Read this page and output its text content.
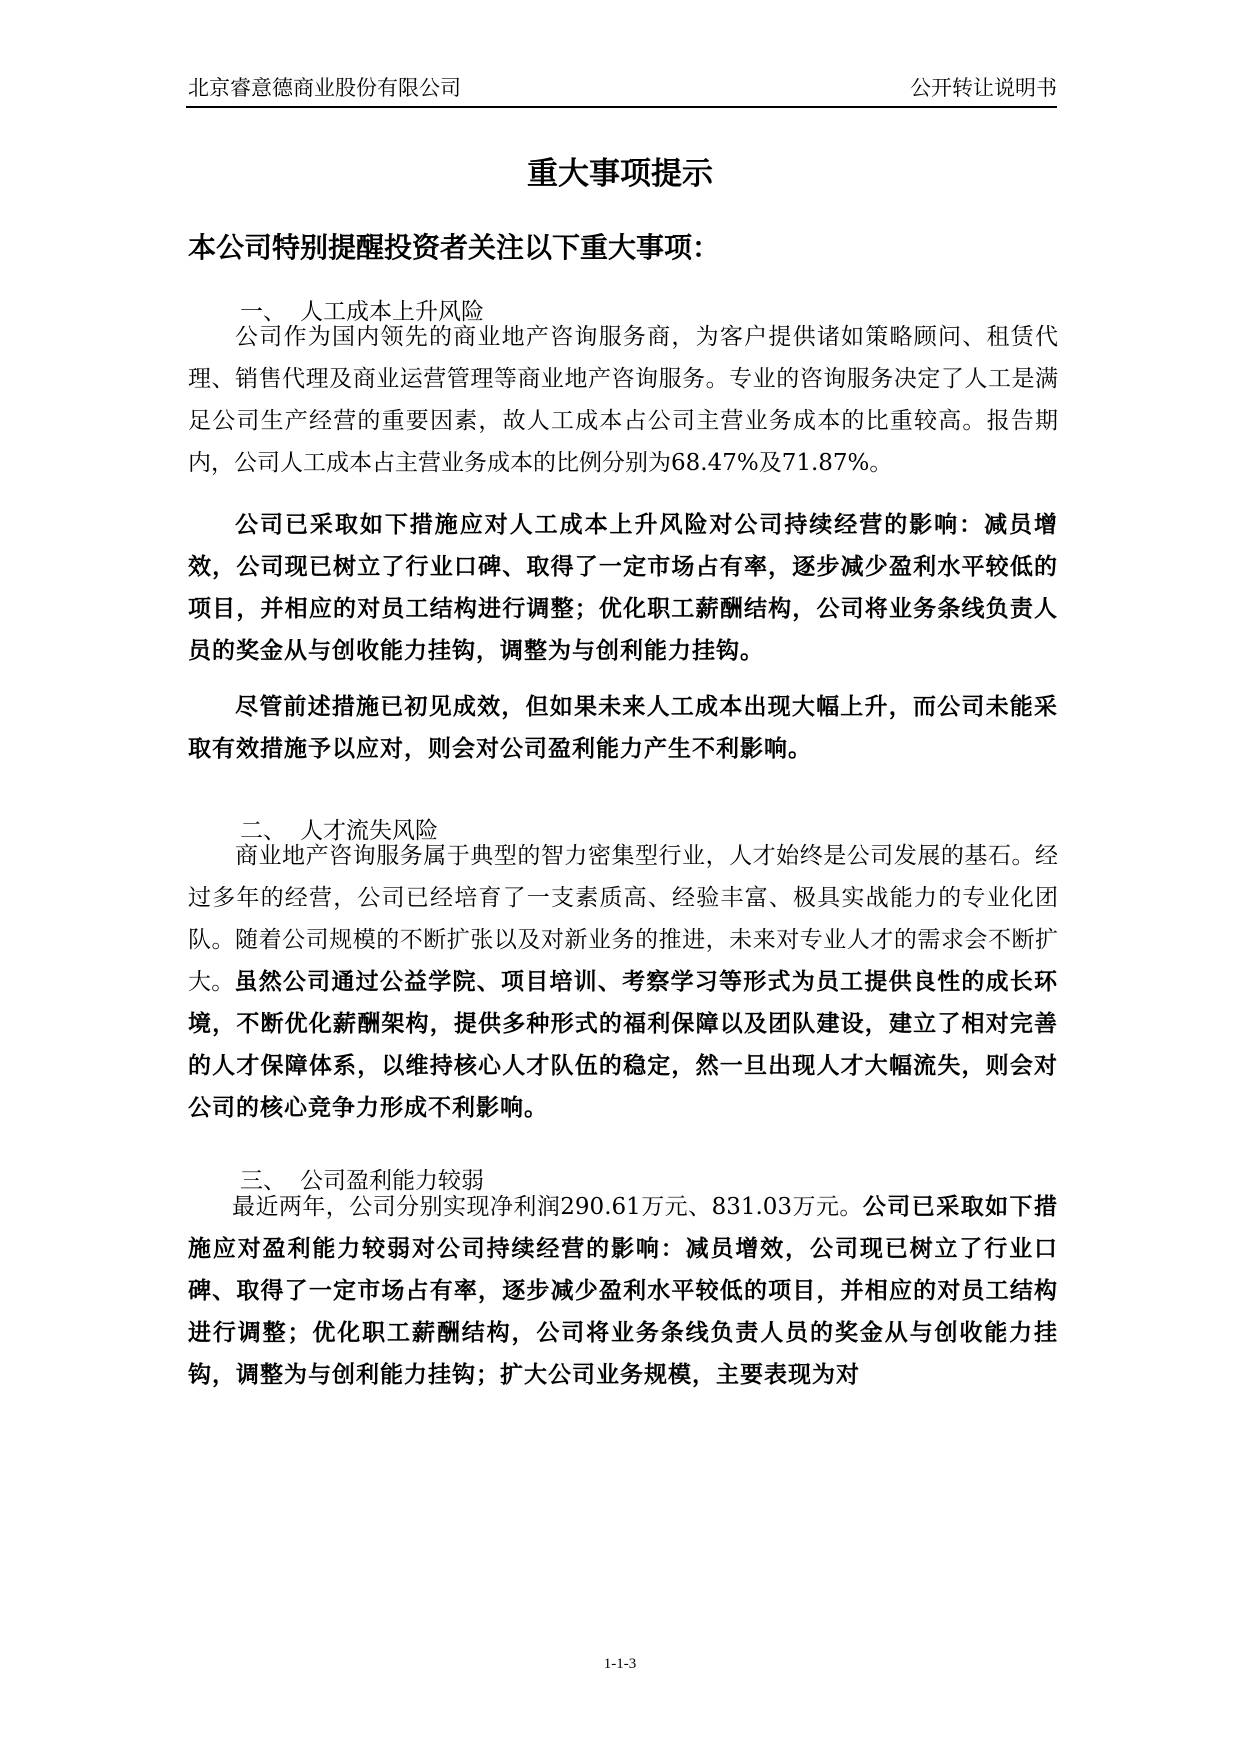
北京睿意德商业股份有限公司	公开转让说明书
重大事项提示
本公司特别提醒投资者关注以下重大事项：
一、 人工成本上升风险

公司作为国内领先的商业地产咨询服务商，为客户提供诸如策略顾问、租赁代理、销售代理及商业运营管理等商业地产咨询服务。专业的咨询服务决定了人工是满足公司生产经营的重要因素，故人工成本占公司主营业务成本的比重较高。报告期内，公司人工成本占主营业务成本的比例分别为68.47%及71.87%。

公司已采取如下措施应对人工成本上升风险对公司持续经营的影响：减员增效，公司现已树立了行业口碑、取得了一定市场占有率，逐步减少盈利水平较低的项目，并相应的对员工结构进行调整；优化职工薪酬结构，公司将业务条线负责人员的奖金从与创收能力挂钩，调整为与创利能力挂钩。

尽管前述措施已初见成效，但如果未来人工成本出现大幅上升，而公司未能采取有效措施予以应对，则会对公司盈利能力产生不利影响。

二、 人才流失风险

商业地产咨询服务属于典型的智力密集型行业，人才始终是公司发展的基石。经过多年的经营，公司已经培育了一支素质高、经验丰富、极具实战能力的专业化团队。随着公司规模的不断扩张以及对新业务的推进，未来对专业人才的需求会不断扩大。虽然公司通过公益学院、项目培训、考察学习等形式为员工提供良性的成长环境，不断优化薪酬架构，提供多种形式的福利保障以及团队建设，建立了相对完善的人才保障体系，以维持核心人才队伍的稳定，然一旦出现人才大幅流失，则会对公司的核心竞争力形成不利影响。

三、 公司盈利能力较弱

最近两年，公司分别实现净利润290.61万元、831.03万元。公司已采取如下措施应对盈利能力较弱对公司持续经营的影响：减员增效，公司现已树立了行业口碑、取得了一定市场占有率，逐步减少盈利水平较低的项目，并相应的对员工结构进行调整；优化职工薪酬结构，公司将业务条线负责人员的奖金从与创收能力挂钩，调整为与创利能力挂钩；扩大公司业务规模，主要表现为对

1-1-3
